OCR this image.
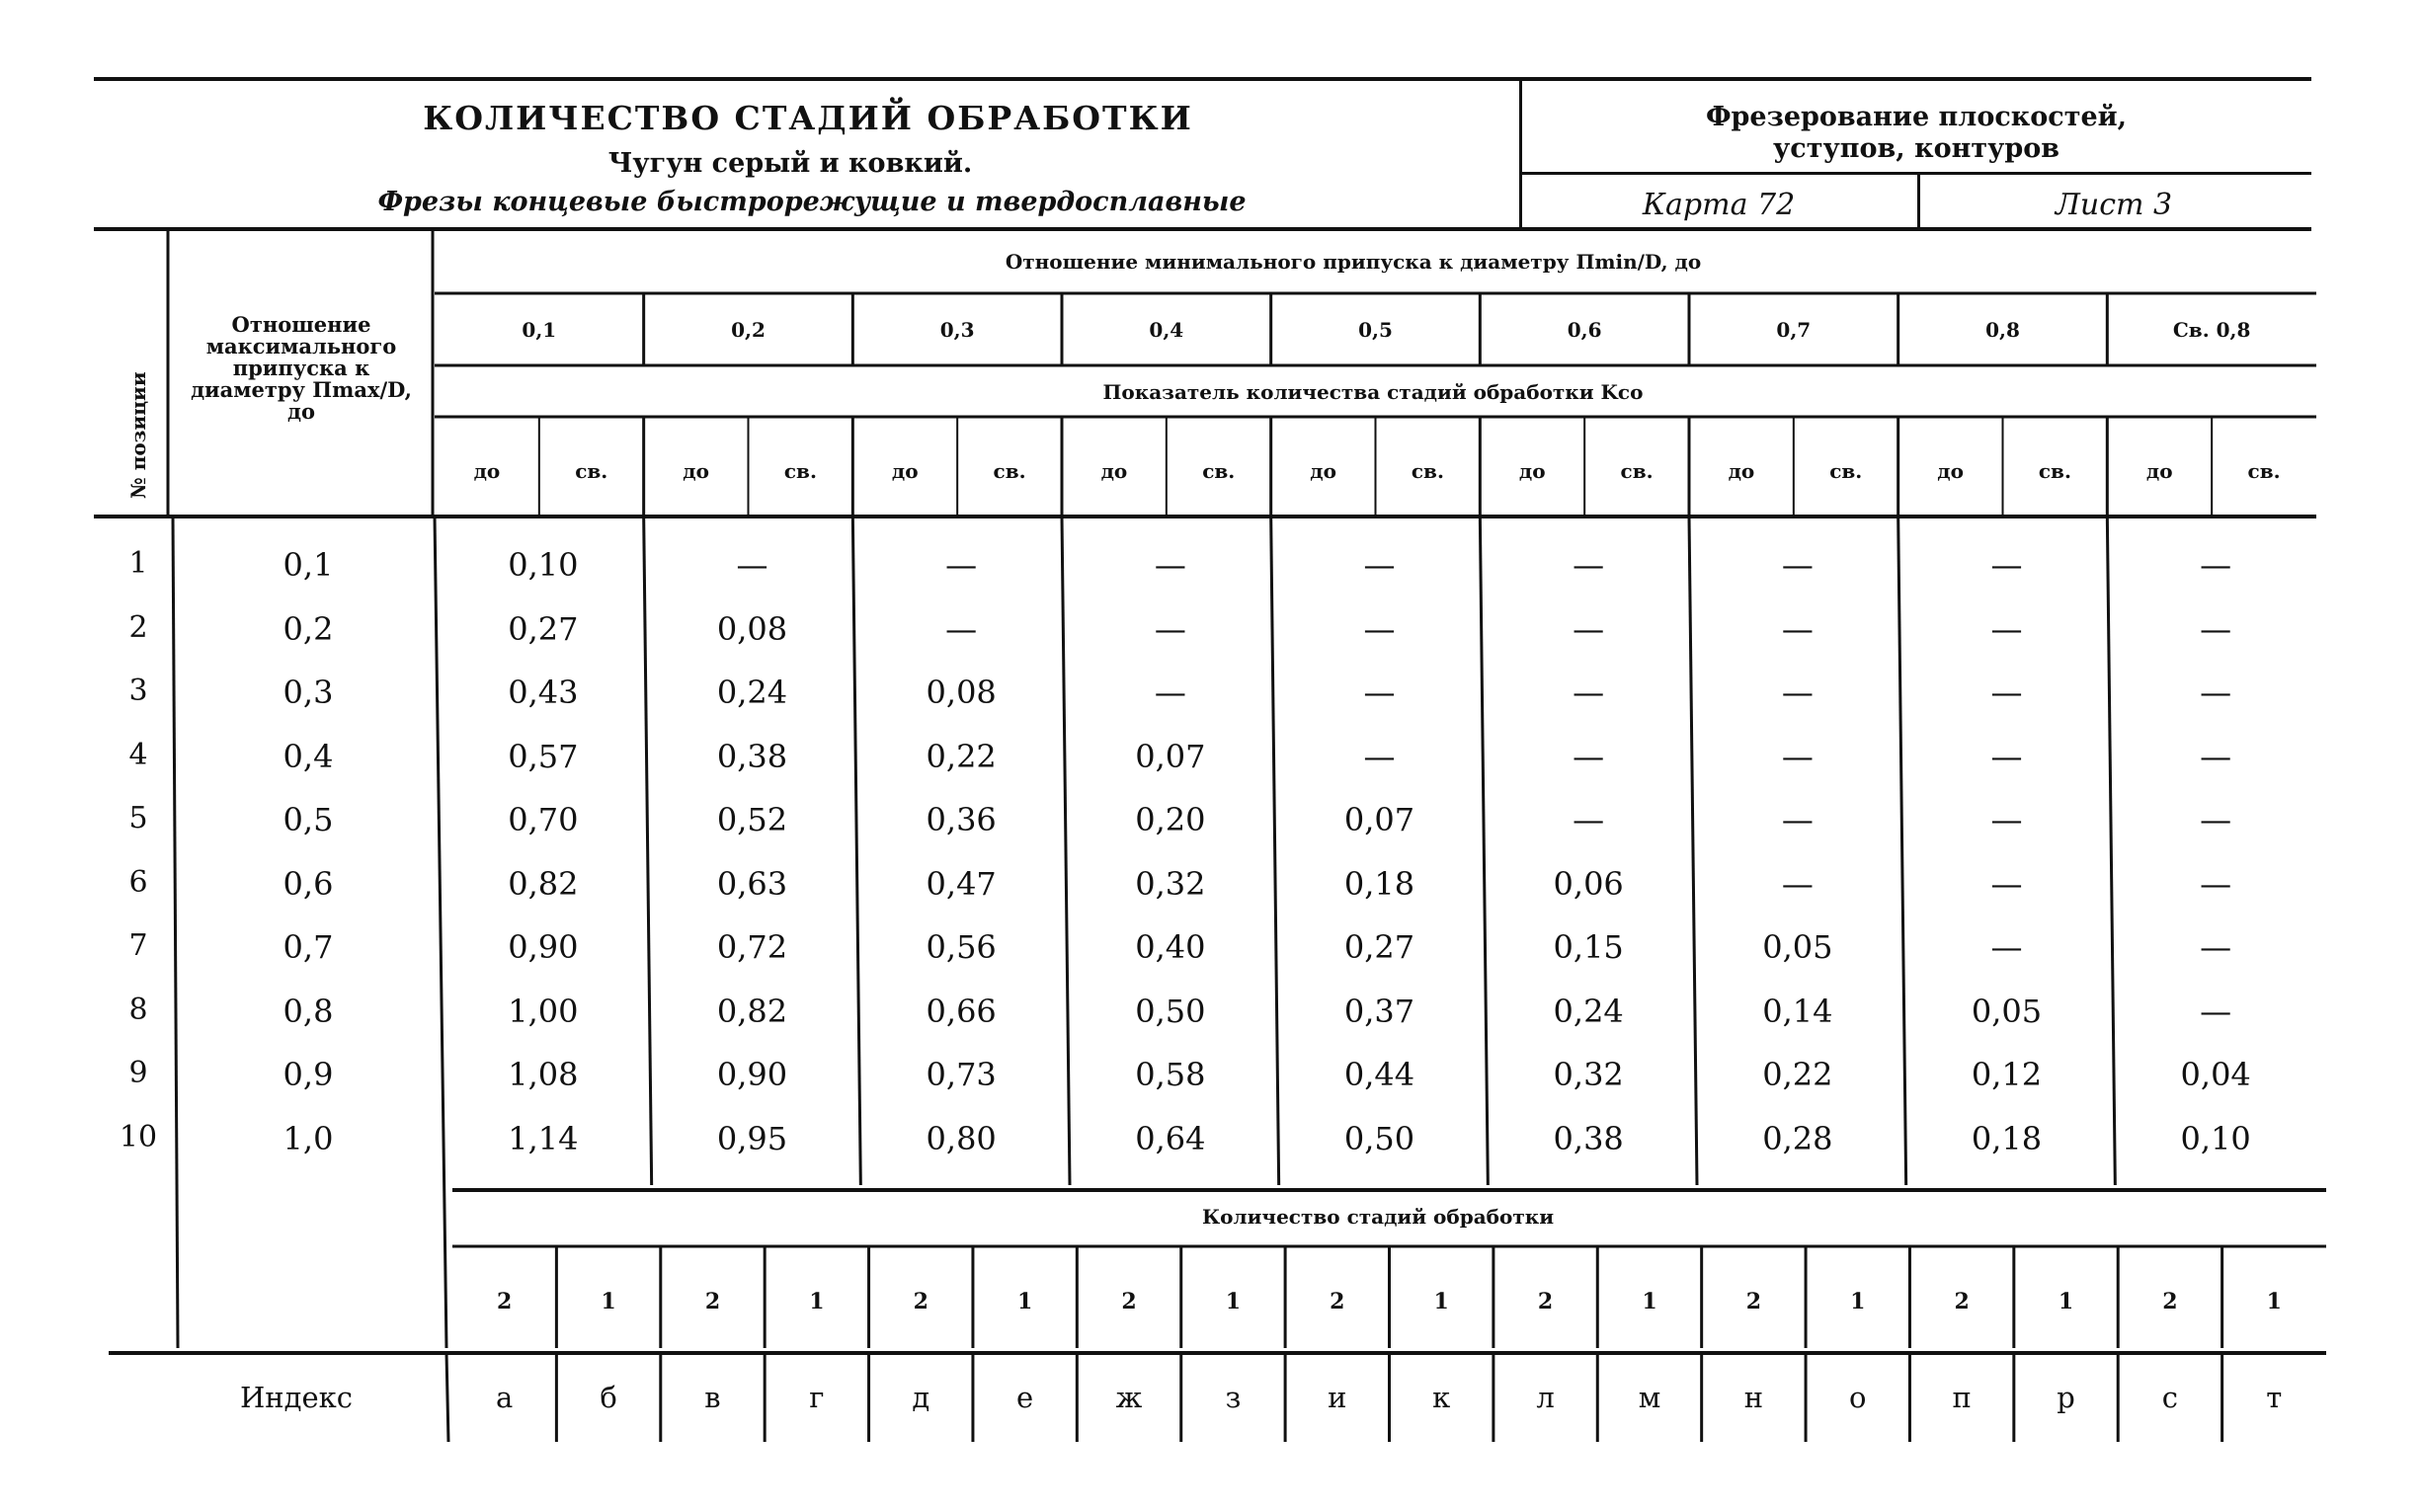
КОЛИЧЕСТВО СТАДИЙ ОБРАБОТКИ
Чугун серый и ковкий.
Фрезы концевые быстрорежущие и твердосплавные
Фрезерование плоскостей, уступов, контуров
Карта 72	Лист 3
№ позиции
Отношение максимального припуска к диаметру Пmax/D, до
Отношение минимального припуска к диаметру Пmin/D, до
Показатель количества стадий обработки Kсо
0,1	0,2	0,3	0,4	0,5	0,6	0,7	0,8	Св. 0,8
до	св.	до	св.	до	св.	до	св.	до	св.	до	св.	до	св.	до	св.	до	св.
1	0,1	0,10	—	—	—	—	—	—	—	—
2	0,2	0,27	0,08	—	—	—	—	—	—	—
3	0,3	0,43	0,24	0,08	—	—	—	—	—	—
4	0,4	0,57	0,38	0,22	0,07	—	—	—	—	—
5	0,5	0,70	0,52	0,36	0,20	0,07	—	—	—	—
6	0,6	0,82	0,63	0,47	0,32	0,18	0,06	—	—	—
7	0,7	0,90	0,72	0,56	0,40	0,27	0,15	0,05	—	—
8	0,8	1,00	0,82	0,66	0,50	0,37	0,24	0,14	0,05	—
9	0,9	1,08	0,90	0,73	0,58	0,44	0,32	0,22	0,12	0,04
10	1,0	1,14	0,95	0,80	0,64	0,50	0,38	0,28	0,18	0,10
2	1	2	1	2	1	2	1	2	1	2	1	2	1	2	1	2	1
а	б	в	г	д	е	ж	з	и	к	л	м	н	о	п	р	с	т
Индекс
Количество стадий обработки
